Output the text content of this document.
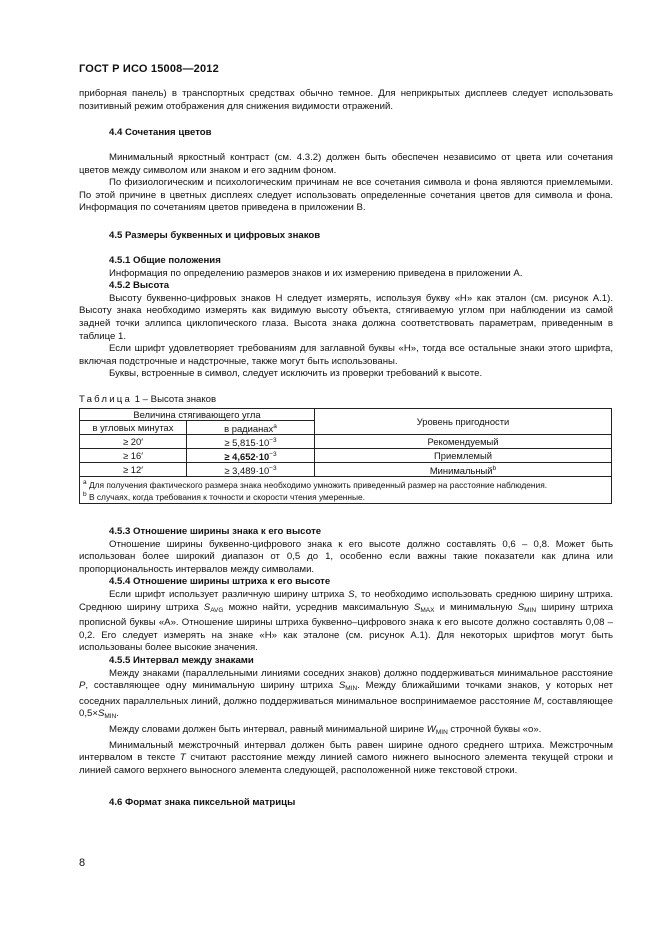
ГОСТ Р ИСО 15008—2012

приборная панель) в транспортных средствах обычно темное. Для неприкрытых дисплеев следует использовать позитивный режим отображения для снижения видимости отражений.

4.4 Сочетания цветов

Минимальный яркостный контраст (см. 4.3.2) должен быть обеспечен независимо от цвета или сочетания цветов между символом или знаком и его задним фоном.

По физиологическим и психологическим причинам не все сочетания символа и фона являются приемлемыми. По этой причине в цветных дисплеях следует использовать определенные сочетания цветов для символа и фона. Информация по сочетаниям цветов приведена в приложении В.

4.5 Размеры буквенных и цифровых знаков

4.5.1 Общие положения

Информация по определению размеров знаков и их измерению приведена в приложении А.

4.5.2 Высота

Высоту буквенно-цифровых знаков Н следует измерять, используя букву «Н» как эталон (см. рисунок А.1). Высоту знака необходимо измерять как видимую высоту объекта, стягиваемую углом при наблюдении из самой задней точки эллипса циклопического глаза. Высота знака должна соответствовать параметрам, приведенным в таблице 1.

Если шрифт удовлетворяет требованиям для заглавной буквы «Н», тогда все остальные знаки этого шрифта, включая подстрочные и надстрочные, также могут быть использованы.

Буквы, встроенные в символ, следует исключить из проверки требований к высоте.

Таблица 1 – Высота знаков
Величина стягивающего угла		Уровень пригодности
в угловых минутах	в радианах$^a$
≥ 20′	≥ $5,815\cdot 10^{-3}$	Рекомендуемый
≥ 16′	≥ $4,652\cdot 10^{-3}$	Приемлемый
≥ 12′	≥ $3,489\cdot 10^{-3}$	Минимальный$^b$

$^a$ Для получения фактического размера знака необходимо умножить приведенный размер на расстояние наблюдения.
$^b$ В случаях, когда требования к точности и скорости чтения умеренные.		

4.5.3 Отношение ширины знака к его высоте

Отношение ширины буквенно-цифрового знака к его высоте должно составлять 0,6 – 0,8. Может быть использован более широкий диапазон от 0,5 до 1, особенно если важны такие показатели как длина или пропорциональность интервалов между символами.

4.5.4 Отношение ширины штриха к его высоте

Если шрифт использует различную ширину штриха S, то необходимо использовать среднюю ширину штриха. Среднюю ширину штриха $S_{AVG}$ можно найти, усреднив максимальную $S_{MAX}$ и минимальную $S_{MIN}$ ширину штриха прописной буквы «А». Отношение ширины штриха буквенно–цифрового знака к его высоте должно составлять 0,08 – 0,2. Его следует измерять на знаке «Н» как эталоне (см. рисунок А.1). Для некоторых шрифтов могут быть использованы более высокие значения.

4.5.5 Интервал между знаками

Между знаками (параллельными линиями соседних знаков) должно поддерживаться минимальное расстояние P, составляющее одну минимальную ширину штриха $S_{MIN}$. Между ближайшими точками знаков, у которых нет соседних параллельных линий, должно поддерживаться минимальное воспринимаемое расстояние M, составляющее $0,5\times S_{MIN}$.

Между словами должен быть интервал, равный минимальной ширине $W_{MIN}$ строчной буквы «о».

Минимальный межстрочный интервал должен быть равен ширине одного среднего штриха. Межстрочным интервалом в тексте T считают расстояние между линией самого нижнего выносного элемента текущей строки и линией самого верхнего выносного элемента следующей, расположенной ниже текстовой строки.

4.6 Формат знака пиксельной матрицы

8
